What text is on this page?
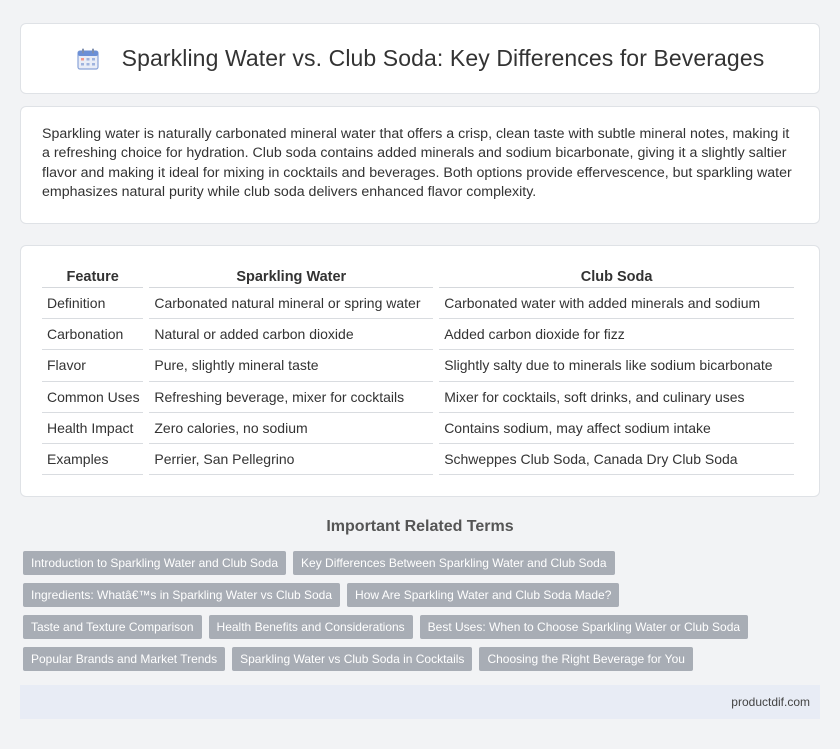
Sparkling Water vs. Club Soda: Key Differences for Beverages

Sparkling water is naturally carbonated mineral water that offers a crisp, clean taste with subtle mineral notes, making it a refreshing choice for hydration. Club soda contains added minerals and sodium bicarbonate, giving it a slightly saltier flavor and making it ideal for mixing in cocktails and beverages. Both options provide effervescence, but sparkling water emphasizes natural purity while club soda delivers enhanced flavor complexity.

Feature	Sparkling Water	Club Soda
Definition	Carbonated natural mineral or spring water	Carbonated water with added minerals and sodium
Carbonation	Natural or added carbon dioxide	Added carbon dioxide for fizz
Flavor	Pure, slightly mineral taste	Slightly salty due to minerals like sodium bicarbonate
Common Uses	Refreshing beverage, mixer for cocktails	Mixer for cocktails, soft drinks, and culinary uses
Health Impact	Zero calories, no sodium	Contains sodium, may affect sodium intake
Examples	Perrier, San Pellegrino	Schweppes Club Soda, Canada Dry Club Soda
Important Related Terms
Introduction to Sparkling Water and Club Soda	Key Differences Between Sparkling Water and Club Soda
Ingredients: Whatâ€™s in Sparkling Water vs Club Soda	How Are Sparkling Water and Club Soda Made?
Taste and Texture Comparison	Health Benefits and Considerations	Best Uses: When to Choose Sparkling Water or Club Soda
Popular Brands and Market Trends	Sparkling Water vs Club Soda in Cocktails	Choosing the Right Beverage for You
productdif.com
